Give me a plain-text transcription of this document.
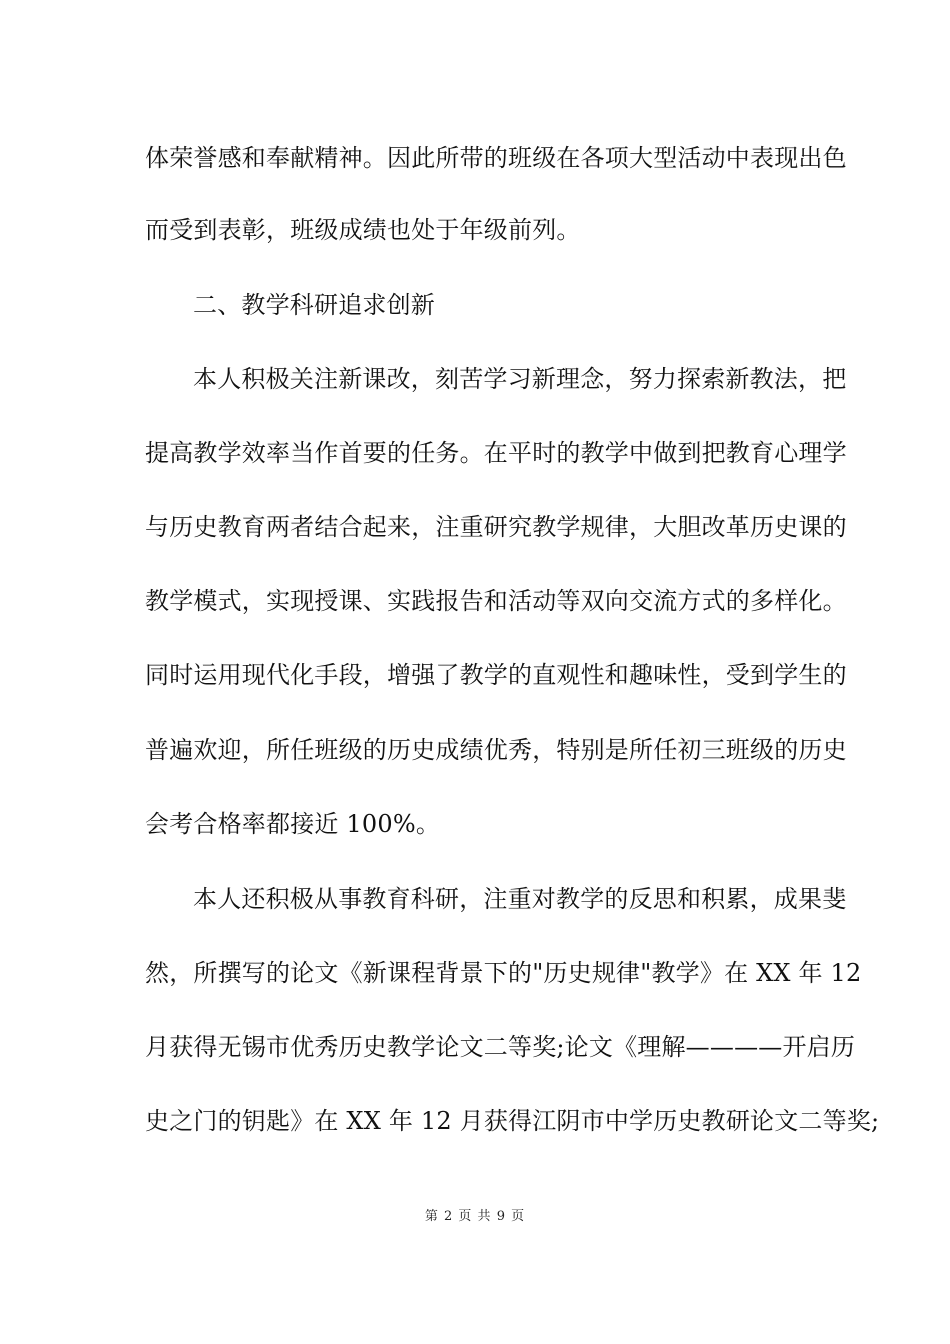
体荣誉感和奉献精神。因此所带的班级在各项大型活动中表现出色
而受到表彰，班级成绩也处于年级前列。
二、教学科研追求创新
本人积极关注新课改，刻苦学习新理念，努力探索新教法，把
提高教学效率当作首要的任务。在平时的教学中做到把教育心理学
与历史教育两者结合起来，注重研究教学规律，大胆改革历史课的
教学模式，实现授课、实践报告和活动等双向交流方式的多样化。
同时运用现代化手段，增强了教学的直观性和趣味性，受到学生的
普遍欢迎，所任班级的历史成绩优秀，特别是所任初三班级的历史
会考合格率都接近 100%。
本人还积极从事教育科研，注重对教学的反思和积累，成果斐
然，所撰写的论文《新课程背景下的"历史规律"教学》在 XX 年 12
月获得无锡市优秀历史教学论文二等奖;论文《理解————开启历
史之门的钥匙》在 XX 年 12 月获得江阴市中学历史教研论文二等奖;
第 2 页 共 9 页
